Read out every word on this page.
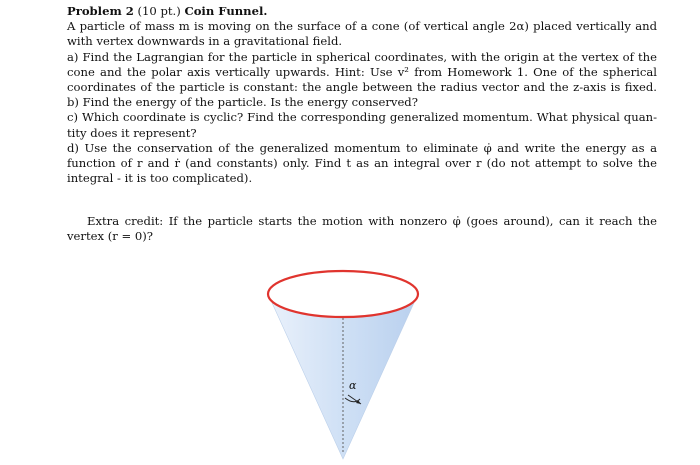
Problem 2 (10 pt.) Coin Funnel.
A particle of mass m is moving on the surface of a cone (of vertical angle 2α) placed vertically and
with vertex downwards in a gravitational field.
a) Find the Lagrangian for the particle in spherical coordinates, with the origin at the vertex of the
cone and the polar axis vertically upwards. Hint: Use v² from Homework 1. One of the spherical
coordinates of the particle is constant: the angle between the radius vector and the z-axis is fixed.
b) Find the energy of the particle. Is the energy conserved?
c) Which coordinate is cyclic? Find the corresponding generalized momentum. What physical quan-
tity does it represent?
d) Use the conservation of the generalized momentum to eliminate φ̇ and write the energy as a
function of r and ṙ (and constants) only. Find t as an integral over r (do not attempt to solve the
integral - it is too complicated).
Extra credit: If the particle starts the motion with nonzero φ̇ (goes around), can it reach the
vertex (r = 0)?
α
